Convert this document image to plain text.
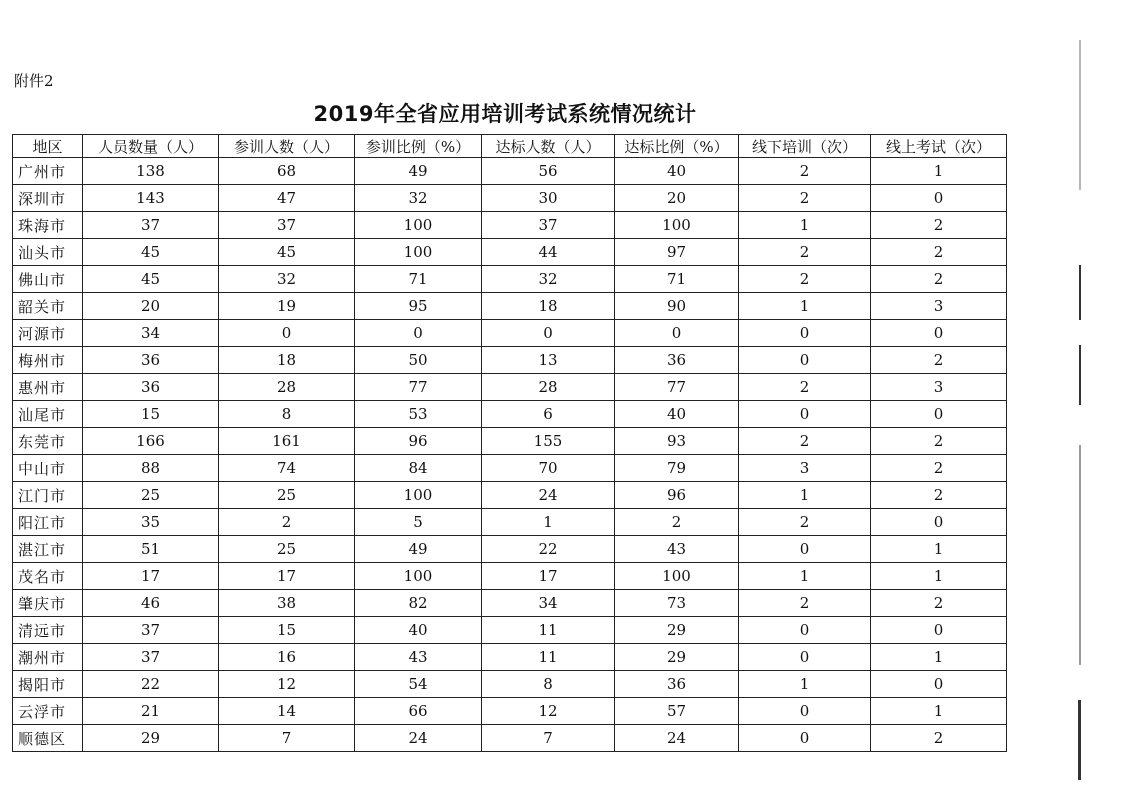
附件2
2019年全省应用培训考试系统情况统计
地区	人员数量（人）	参训人数（人）	参训比例（%）	达标人数（人）	达标比例（%）	线下培训（次）	线上考试（次）
广州市	138	68	49	56	40	2	1
深圳市	143	47	32	30	20	2	0
珠海市	37	37	100	37	100	1	2
汕头市	45	45	100	44	97	2	2
佛山市	45	32	71	32	71	2	2
韶关市	20	19	95	18	90	1	3
河源市	34	0	0	0	0	0	0
梅州市	36	18	50	13	36	0	2
惠州市	36	28	77	28	77	2	3
汕尾市	15	8	53	6	40	0	0
东莞市	166	161	96	155	93	2	2
中山市	88	74	84	70	79	3	2
江门市	25	25	100	24	96	1	2
阳江市	35	2	5	1	2	2	0
湛江市	51	25	49	22	43	0	1
茂名市	17	17	100	17	100	1	1
肇庆市	46	38	82	34	73	2	2
清远市	37	15	40	11	29	0	0
潮州市	37	16	43	11	29	0	1
揭阳市	22	12	54	8	36	1	0
云浮市	21	14	66	12	57	0	1
顺德区	29	7	24	7	24	0	2
